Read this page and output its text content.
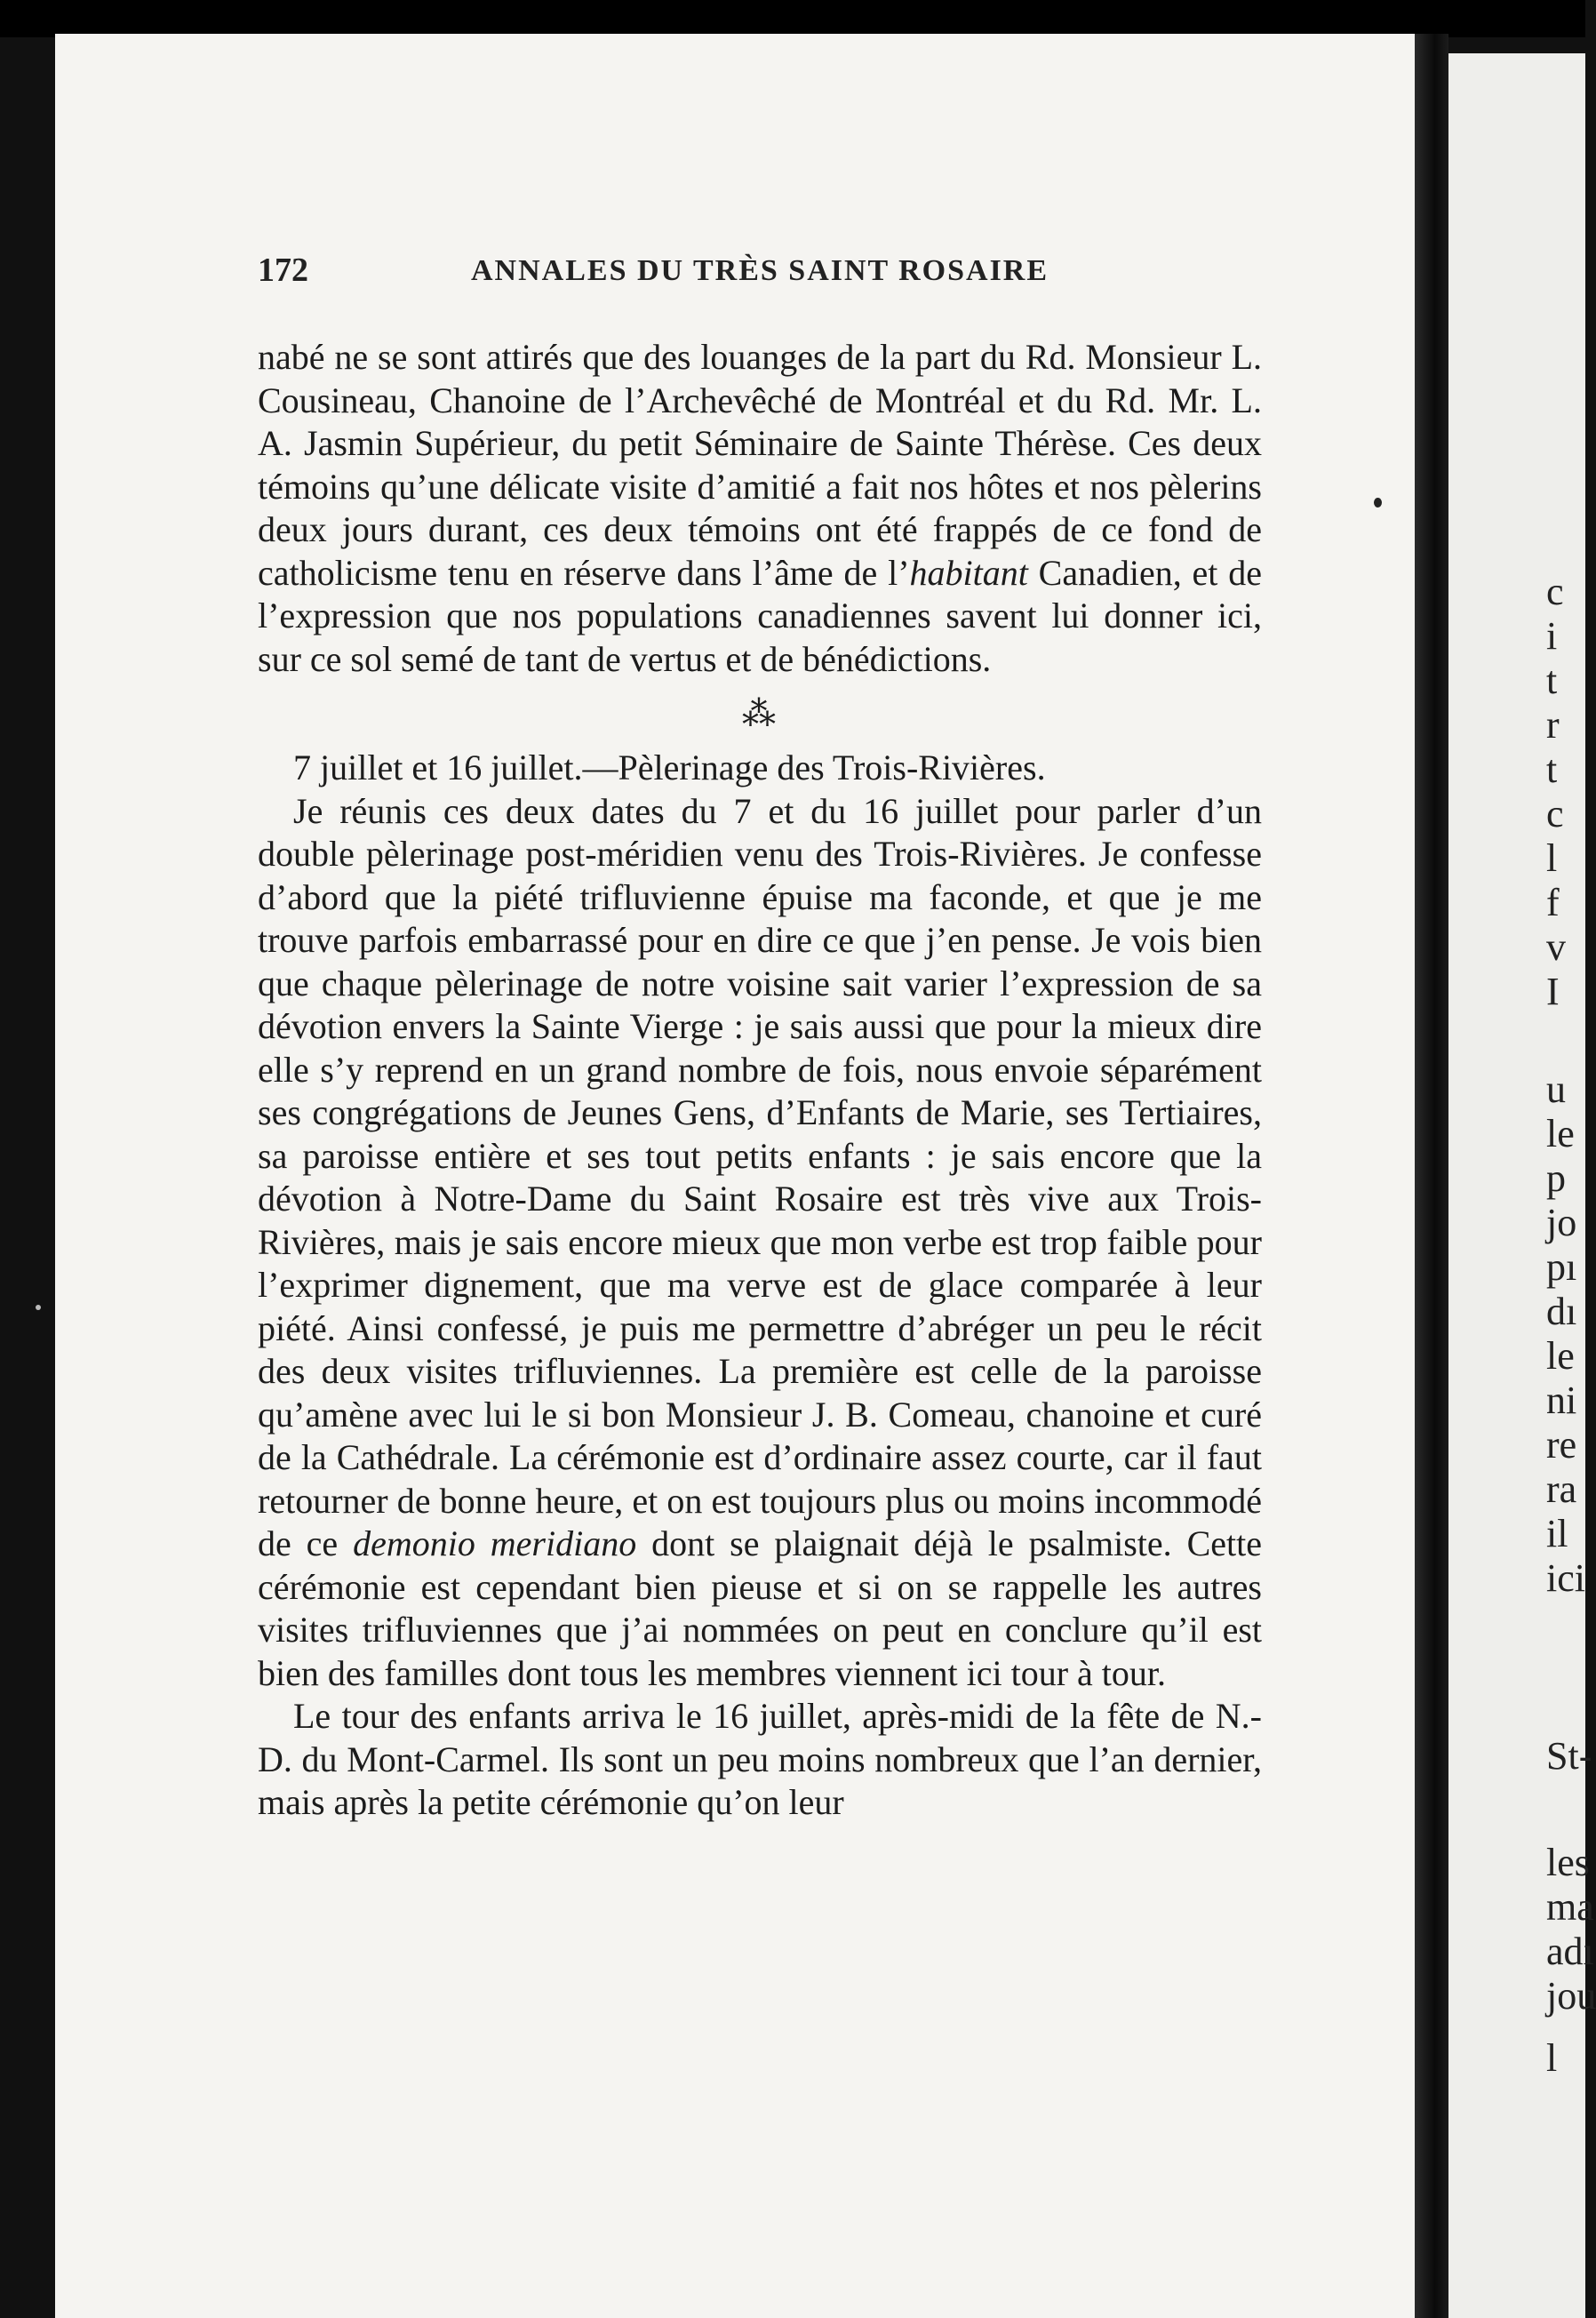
c
i
t
r
t
c
l
f
v
I
u
le
p
jo
pı
dı
le
ni
re
ra
il
ici
St-
les
ma
adı
jou
l
172	ANNALES DU TRÈS SAINT ROSAIRE

nabé ne se sont attirés que des louanges de la part du Rd. Monsieur L. Cousineau, Chanoine de l’Archevêché de Montréal et du Rd. Mr. L. A. Jasmin Supérieur, du petit Séminaire de Sainte Thérèse. Ces deux témoins qu’une délicate visite d’amitié a fait nos hôtes et nos pèlerins deux jours durant, ces deux témoins ont été frappés de ce fond de catholicisme tenu en réserve dans l’âme de l’habitant Canadien, et de l’expression que nos populations canadiennes savent lui donner ici, sur ce sol semé de tant de vertus et de bénédictions.

⁂

7 juillet et 16 juillet.—Pèlerinage des Trois-Rivières.

Je réunis ces deux dates du 7 et du 16 juillet pour parler d’un double pèlerinage post-méridien venu des Trois-Rivières. Je confesse d’abord que la piété trifluvienne épuise ma faconde, et que je me trouve parfois embarrassé pour en dire ce que j’en pense. Je vois bien que chaque pèlerinage de notre voisine sait varier l’expression de sa dévotion envers la Sainte Vierge : je sais aussi que pour la mieux dire elle s’y reprend en un grand nombre de fois, nous envoie séparément ses congrégations de Jeunes Gens, d’Enfants de Marie, ses Tertiaires, sa paroisse entière et ses tout petits enfants : je sais encore que la dévotion à Notre-Dame du Saint Rosaire est très vive aux Trois-Rivières, mais je sais encore mieux que mon verbe est trop faible pour l’exprimer dignement, que ma verve est de glace comparée à leur piété. Ainsi confessé, je puis me permettre d’abréger un peu le récit des deux visites trifluviennes. La première est celle de la paroisse qu’amène avec lui le si bon Monsieur J. B. Comeau, chanoine et curé de la Cathédrale. La cérémonie est d’ordinaire assez courte, car il faut retourner de bonne heure, et on est toujours plus ou moins incommodé de ce demonio meridiano dont se plaignait déjà le psalmiste. Cette cérémonie est cependant bien pieuse et si on se rappelle les autres visites trifluviennes que j’ai nommées on peut en conclure qu’il est bien des familles dont tous les membres viennent ici tour à tour.

Le tour des enfants arriva le 16 juillet, après-midi de la fête de N.-D. du Mont-Carmel. Ils sont un peu moins nombreux que l’an dernier, mais après la petite cérémonie qu’on leur
